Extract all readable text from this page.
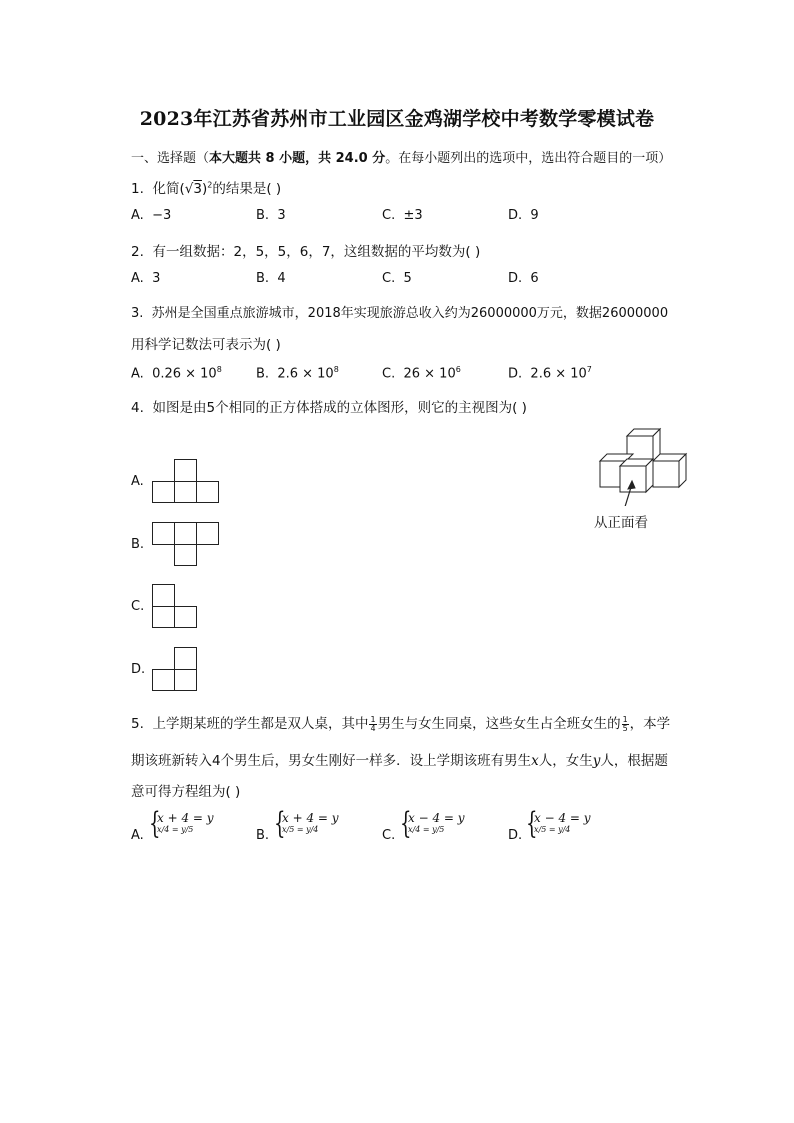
2023年江苏省苏州市工业园区金鸡湖学校中考数学零模试卷
一、选择题（本大题共 8 小题，共 24.0 分。在每小题列出的选项中，选出符合题目的一项）
1. 化简$(√3)^2$的结果是( )
A. −3	B. 3	C. ±3	D. 9
2. 有一组数据：2，5，5，6，7，这组数据的平均数为( )
A. 3	B. 4	C. 5	D. 6
3. 苏州是全国重点旅游城市，2018年实现旅游总收入约为26000000万元，数据26000000
用科学记数法可表示为( )
A. $0.26 \times 10^8$	B. $2.6 \times 10^8$	C. $26 \times 10^6$	D. $2.6 \times 10^7$
4. 如图是由5个相同的正方体搭成的立体图形，则它的主视图为( )
从正面看
A.
B.
C.
D.
5. 上学期某班的学生都是双人桌，其中 $\frac{1}{4}$ 男生与女生同桌，这些女生占全班女生的 $\frac{1}{5}$ ，本学
期该班新转入4个男生后，男女生刚好一样多．设上学期该班有男生x人，女生y人，根据题
意可得方程组为( )
A. {
x + 4 = y
x/4 = y/5	B. {
x + 4 = y
x/5 = y/4	C. {
x − 4 = y
x/4 = y/5	D. {
x − 4 = y
x/5 = y/4
